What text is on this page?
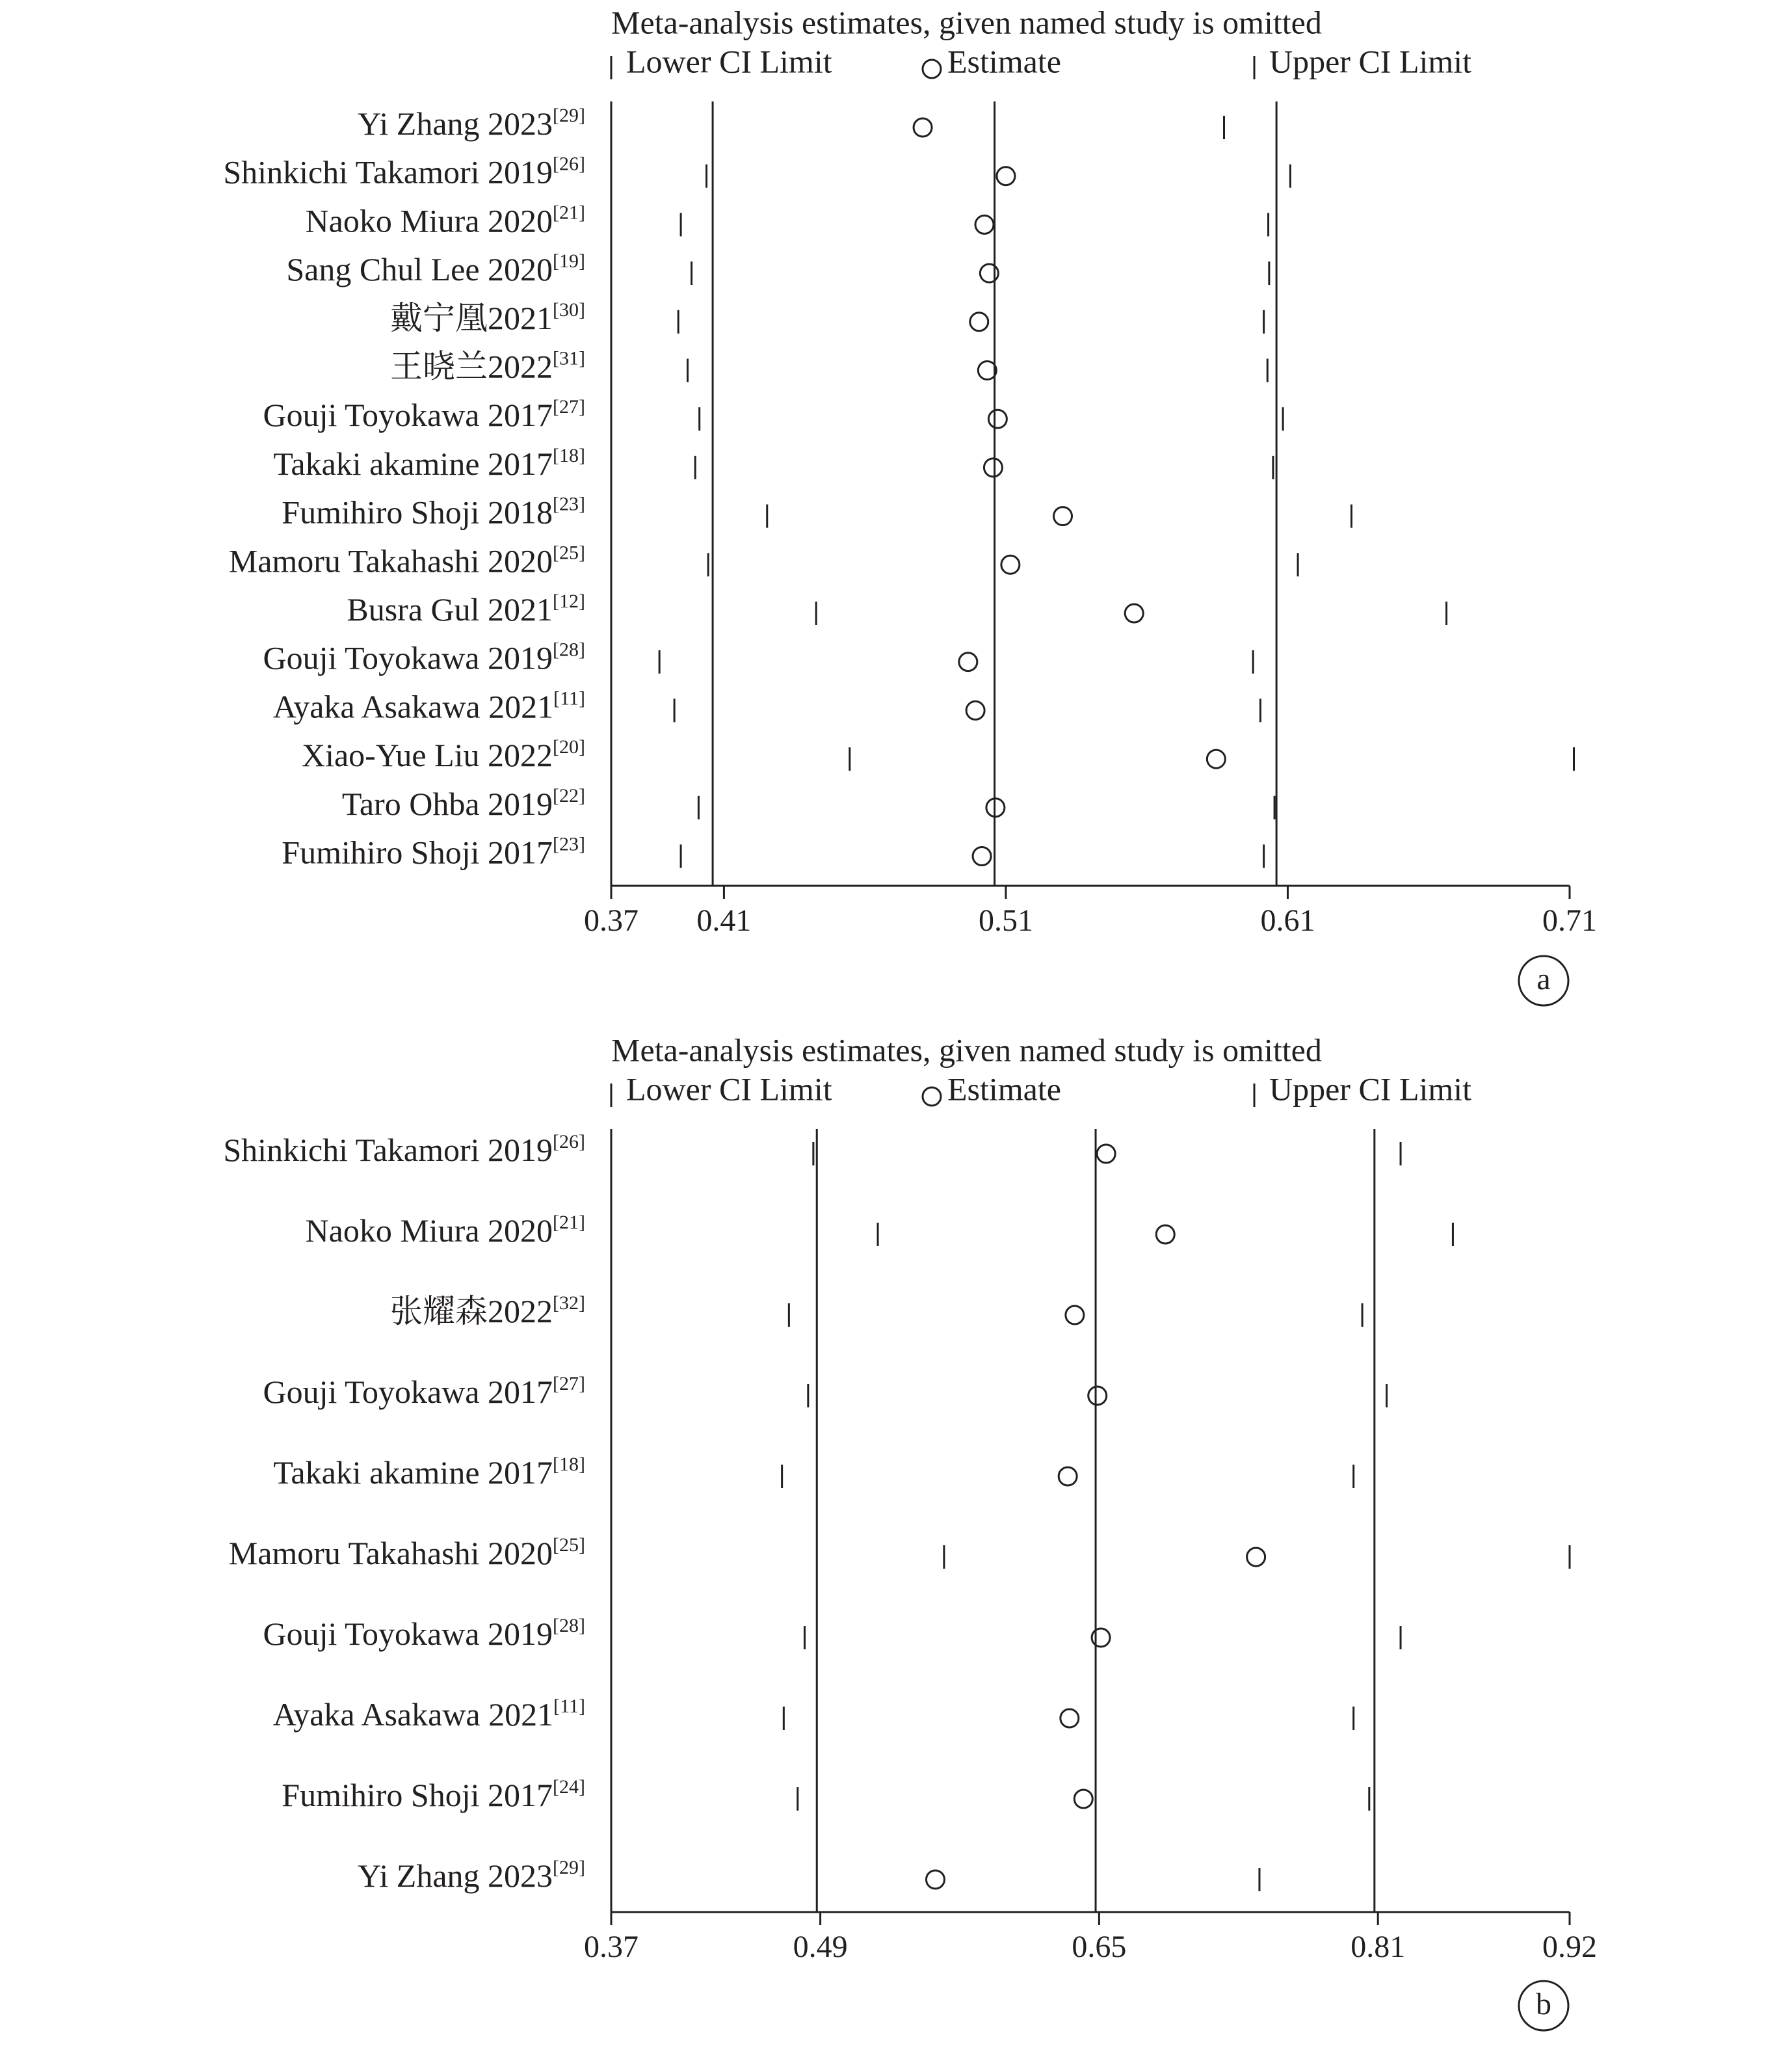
Meta-analysis estimates, given named study is omitted
Lower CI Limit	Estimate	Upper CI Limit
0.37 0.41	0.51	0.61	0.71
Yi Zhang 2023[29]
Shinkichi Takamori 2019[26]
Naoko Miura 2020[21]
Sang Chul Lee 2020[19]
戴宁凰2021[30]
王晓兰2022[31]
Gouji Toyokawa 2017[27]
Takaki akamine 2017[18]
Fumihiro Shoji 2018[23]
Mamoru Takahashi 2020[25]
Busra Gul 2021[12]
Gouji Toyokawa 2019[28]
Ayaka Asakawa 2021[11]
Xiao-Yue Liu 2022[20]
Taro Ohba 2019[22]
Fumihiro Shoji 2017[23]
a
Meta-analysis estimates, given named study is omitted
Lower CI Limit	Estimate	Upper CI Limit
0.37	0.49	0.65	0.81	0.92
Shinkichi Takamori 2019[26]
Naoko Miura 2020[21]
张耀森2022[32]
Gouji Toyokawa 2017[27]
Takaki akamine 2017[18]
Mamoru Takahashi 2020[25]
Gouji Toyokawa 2019[28]
Ayaka Asakawa 2021[11]
Fumihiro Shoji 2017[24]
Yi Zhang 2023[29]
b
